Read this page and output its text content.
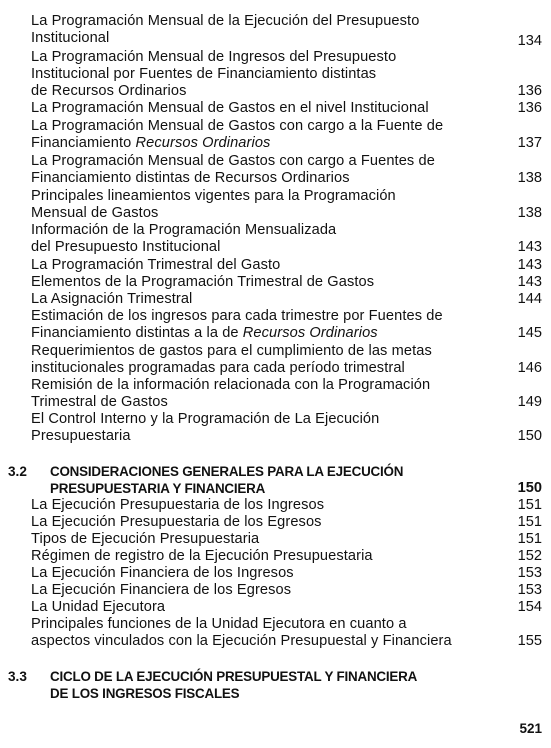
La Programación Mensual de la Ejecución del Presupuesto
Institucional	134
La Programación Mensual de Ingresos del Presupuesto
Institucional por Fuentes de Financiamiento distintas
de Recursos Ordinarios	136
La Programación Mensual de Gastos en el nivel Institucional	136
La Programación Mensual de Gastos con cargo a la Fuente de
Financiamiento Recursos Ordinarios	137
La Programación Mensual de Gastos con cargo a Fuentes de
Financiamiento distintas de Recursos Ordinarios	138
Principales lineamientos vigentes para la Programación
Mensual de Gastos	138
Información de la Programación Mensualizada
del Presupuesto Institucional	143
La Programación Trimestral del Gasto	143
Elementos de la Programación Trimestral de Gastos	143
La Asignación Trimestral	144
Estimación de los ingresos para cada trimestre por Fuentes de
Financiamiento distintas a la de Recursos Ordinarios	145
Requerimientos de gastos para el cumplimiento de las metas
institucionales programadas para cada período trimestral	146
Remisión de la información relacionada con la Programación
Trimestral de Gastos	149
El Control Interno y la Programación de La Ejecución
Presupuestaria	150
3.2 CONSIDERACIONES GENERALES PARA LA EJECUCIÓN
PRESUPUESTARIA Y FINANCIERA	150
La Ejecución Presupuestaria de los Ingresos	151
La Ejecución Presupuestaria de los Egresos	151
Tipos de Ejecución Presupuestaria	151
Régimen de registro de la Ejecución Presupuestaria	152
La Ejecución Financiera de los Ingresos	153
La Ejecución Financiera de los Egresos	153
La Unidad Ejecutora	154
Principales funciones de la Unidad Ejecutora en cuanto a
aspectos vinculados con la Ejecución Presupuestal y Financiera	155
3.3 CICLO DE LA EJECUCIÓN PRESUPUESTAL Y FINANCIERA
DE LOS INGRESOS FISCALES
521
